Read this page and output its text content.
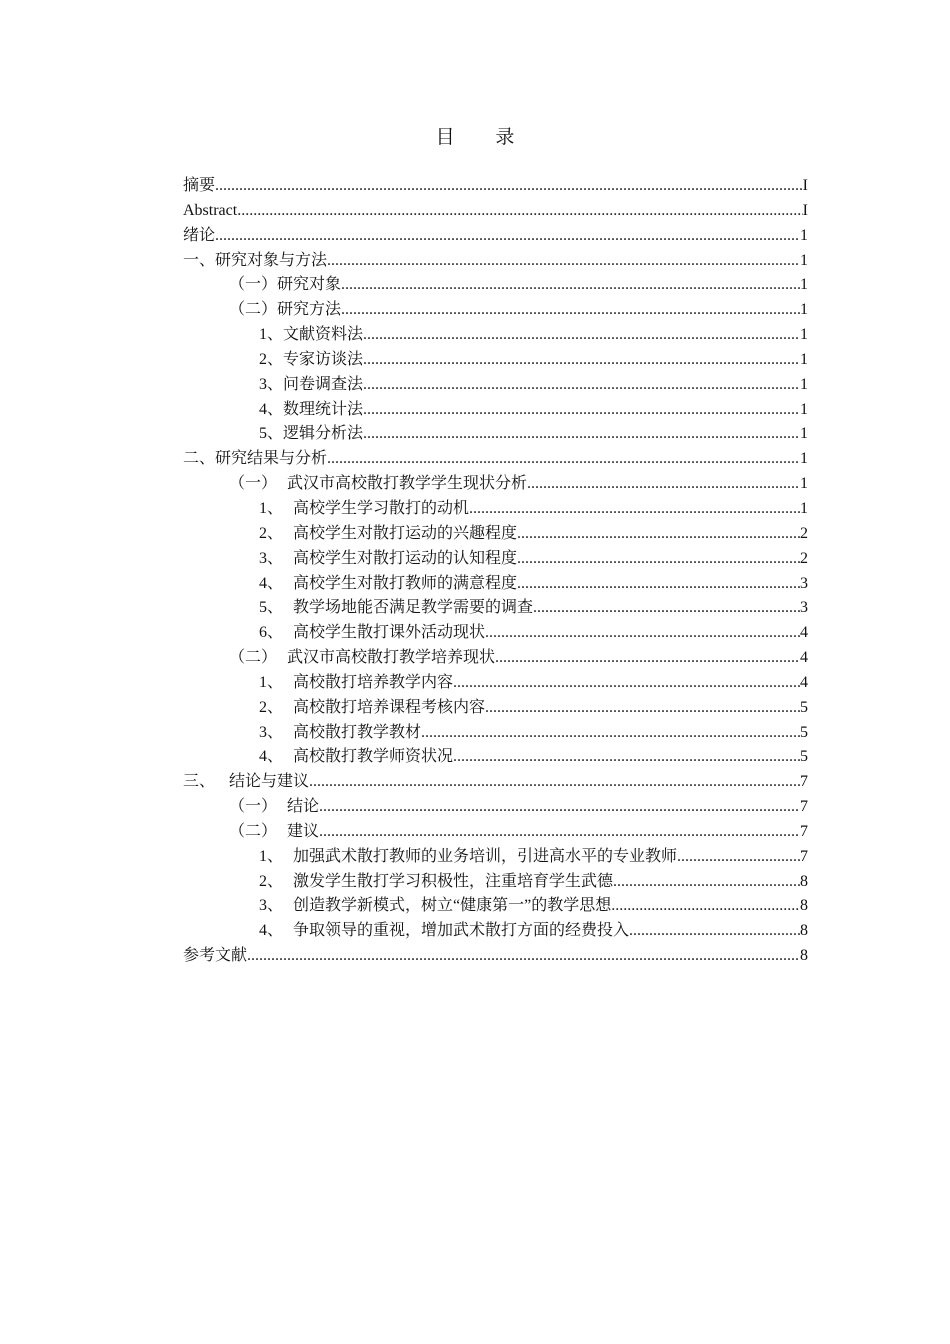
目 录
摘要 .....	I
Abstract .....	I
绪论 .....	1
一、 研究对象与方法 .....	1
（一） 研究对象 .....	1
（二） 研究方法 .....	1
1、 文献资料法 .....	1
2、 专家访谈法 .....	1
3、 问卷调查法 .....	1
4、 数理统计法 .....	1
5、 逻辑分析法 .....	1
二、 研究结果与分析 .....	1
（一） 武汉市高校散打教学学生现状分析 .....	1
1、 高校学生学习散打的动机 .....	1
2、 高校学生对散打运动的兴趣程度 .....	2
3、 高校学生对散打运动的认知程度 .....	2
4、 高校学生对散打教师的满意程度 .....	3
5、 教学场地能否满足教学需要的调查 .....	3
6、 高校学生散打课外活动现状 .....	4
（二） 武汉市高校散打教学培养现状 .....	4
1、 高校散打培养教学内容 .....	4
2、 高校散打培养课程考核内容 .....	5
3、 高校散打教学教材 .....	5
4、 高校散打教学师资状况 .....	5
三、 结论与建议 .....	7
（一） 结论 .....	7
（二） 建议 .....	7
1、 加强武术散打教师的业务培训，引进高水平的专业教师 .....	7
2、 激发学生散打学习积极性，注重培育学生武德 .....	8
3、 创造教学新模式，树立“健康第一”的教学思想 .....	8
4、 争取领导的重视，增加武术散打方面的经费投入 .....	8
参考文献 .....	8
